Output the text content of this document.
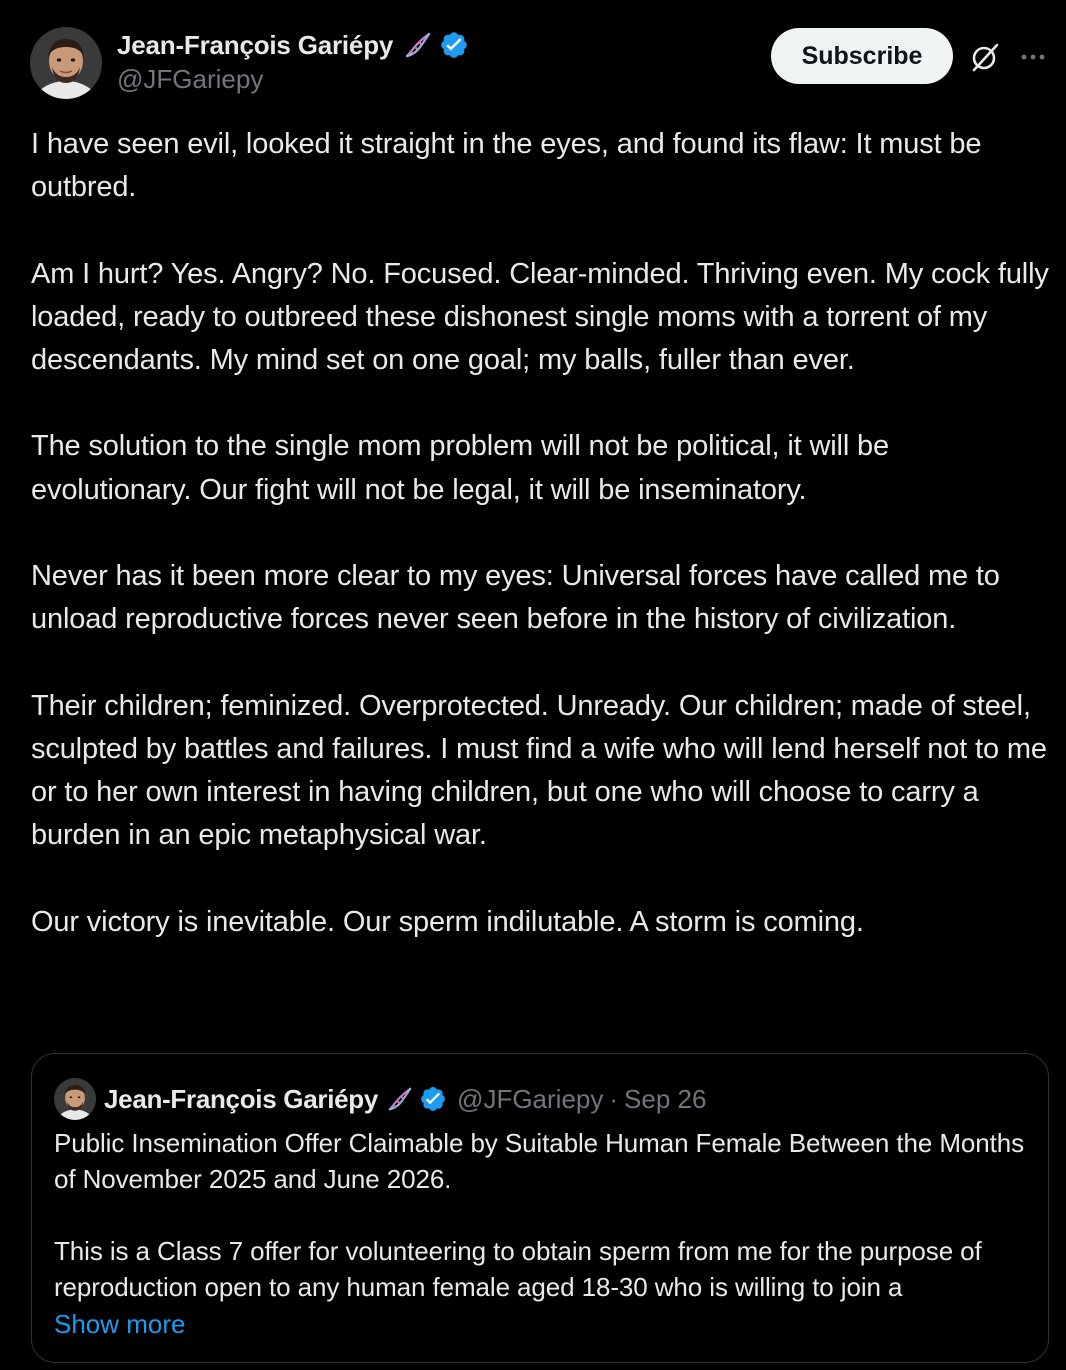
Jean-François Gariépy
@JFGariepy
Subscribe

I have seen evil, looked it straight in the eyes, and found its flaw: It must be outbred.

Am I hurt? Yes. Angry? No. Focused. Clear-minded. Thriving even. My cock fully loaded, ready to outbreed these dishonest single moms with a torrent of my descendants. My mind set on one goal; my balls, fuller than ever.

The solution to the single mom problem will not be political, it will be evolutionary. Our fight will not be legal, it will be inseminatory.

Never has it been more clear to my eyes: Universal forces have called me to unload reproductive forces never seen before in the history of civilization.

Their children; feminized. Overprotected. Unready. Our children; made of steel, sculpted by battles and failures. I must find a wife who will lend herself not to me or to her own interest in having children, but one who will choose to carry a burden in an epic metaphysical war.

Our victory is inevitable. Our sperm indilutable. A storm is coming.

Jean-François Gariépy	@JFGariepy · Sep 26

Public Insemination Offer Claimable by Suitable Human Female Between the Months of November 2025 and June 2026.

This is a Class 7 offer for volunteering to obtain sperm from me for the purpose of reproduction open to any human female aged 18-30 who is willing to join a

Show more
